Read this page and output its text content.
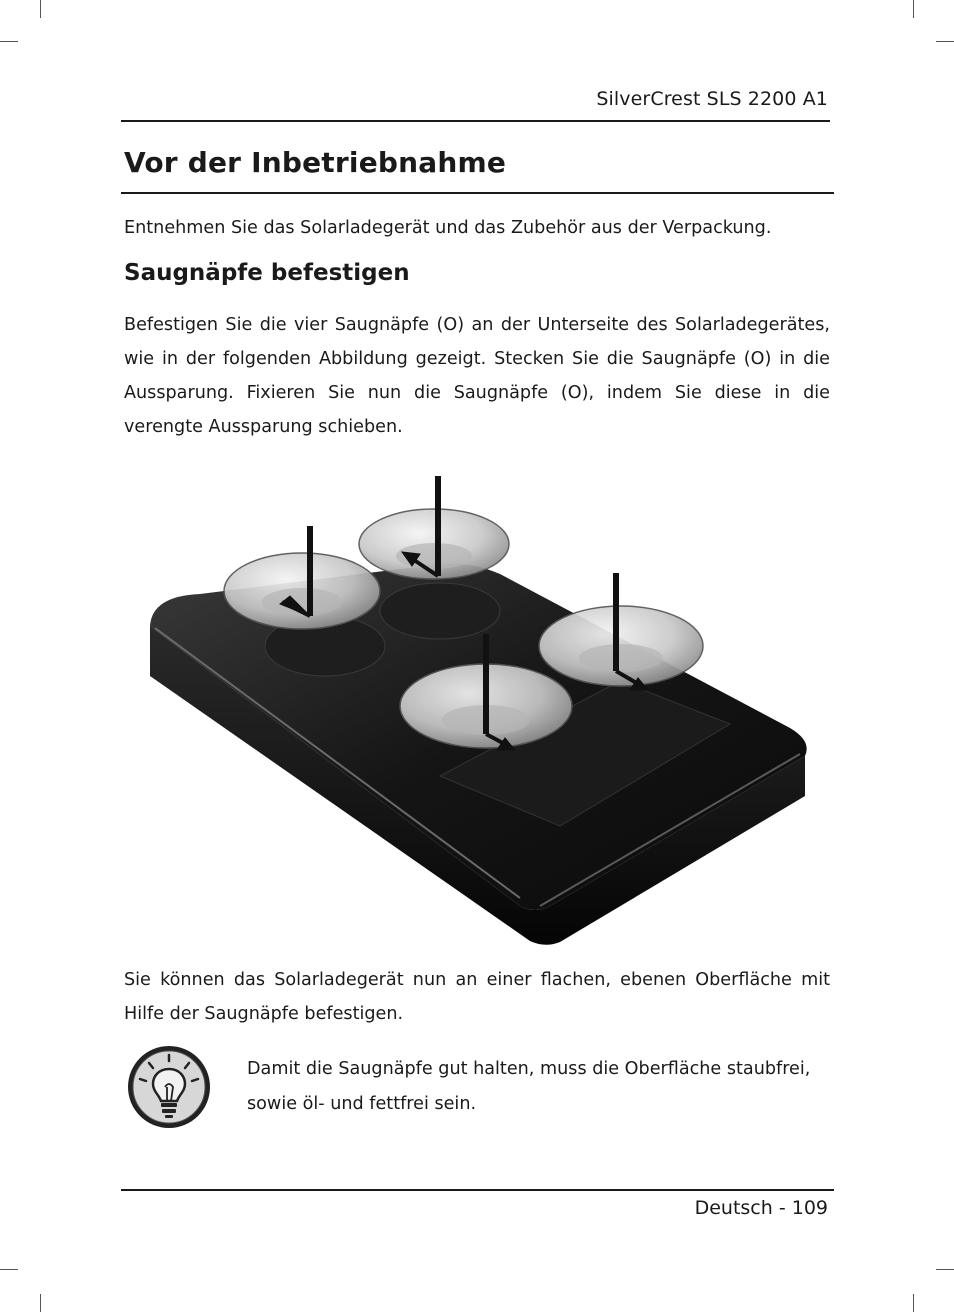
SilverCrest SLS 2200 A1
Vor der Inbetriebnahme

Entnehmen Sie das Solarladegerät und das Zubehör aus der Verpackung.

Saugnäpfe befestigen

Befestigen Sie die vier Saugnäpfe (O) an der Unterseite des Solarladegerätes, wie in der folgenden Abbildung gezeigt. Stecken Sie die Saugnäpfe (O) in die Aussparung. Fixieren Sie nun die Saugnäpfe (O), indem Sie diese in die verengte Aussparung schieben.

Sie können das Solarladegerät nun an einer flachen, ebenen Oberfläche mit Hilfe der Saugnäpfe befestigen.

Damit die Saugnäpfe gut halten, muss die Oberfläche staubfrei, sowie öl- und fettfrei sein.

Deutsch - 109
